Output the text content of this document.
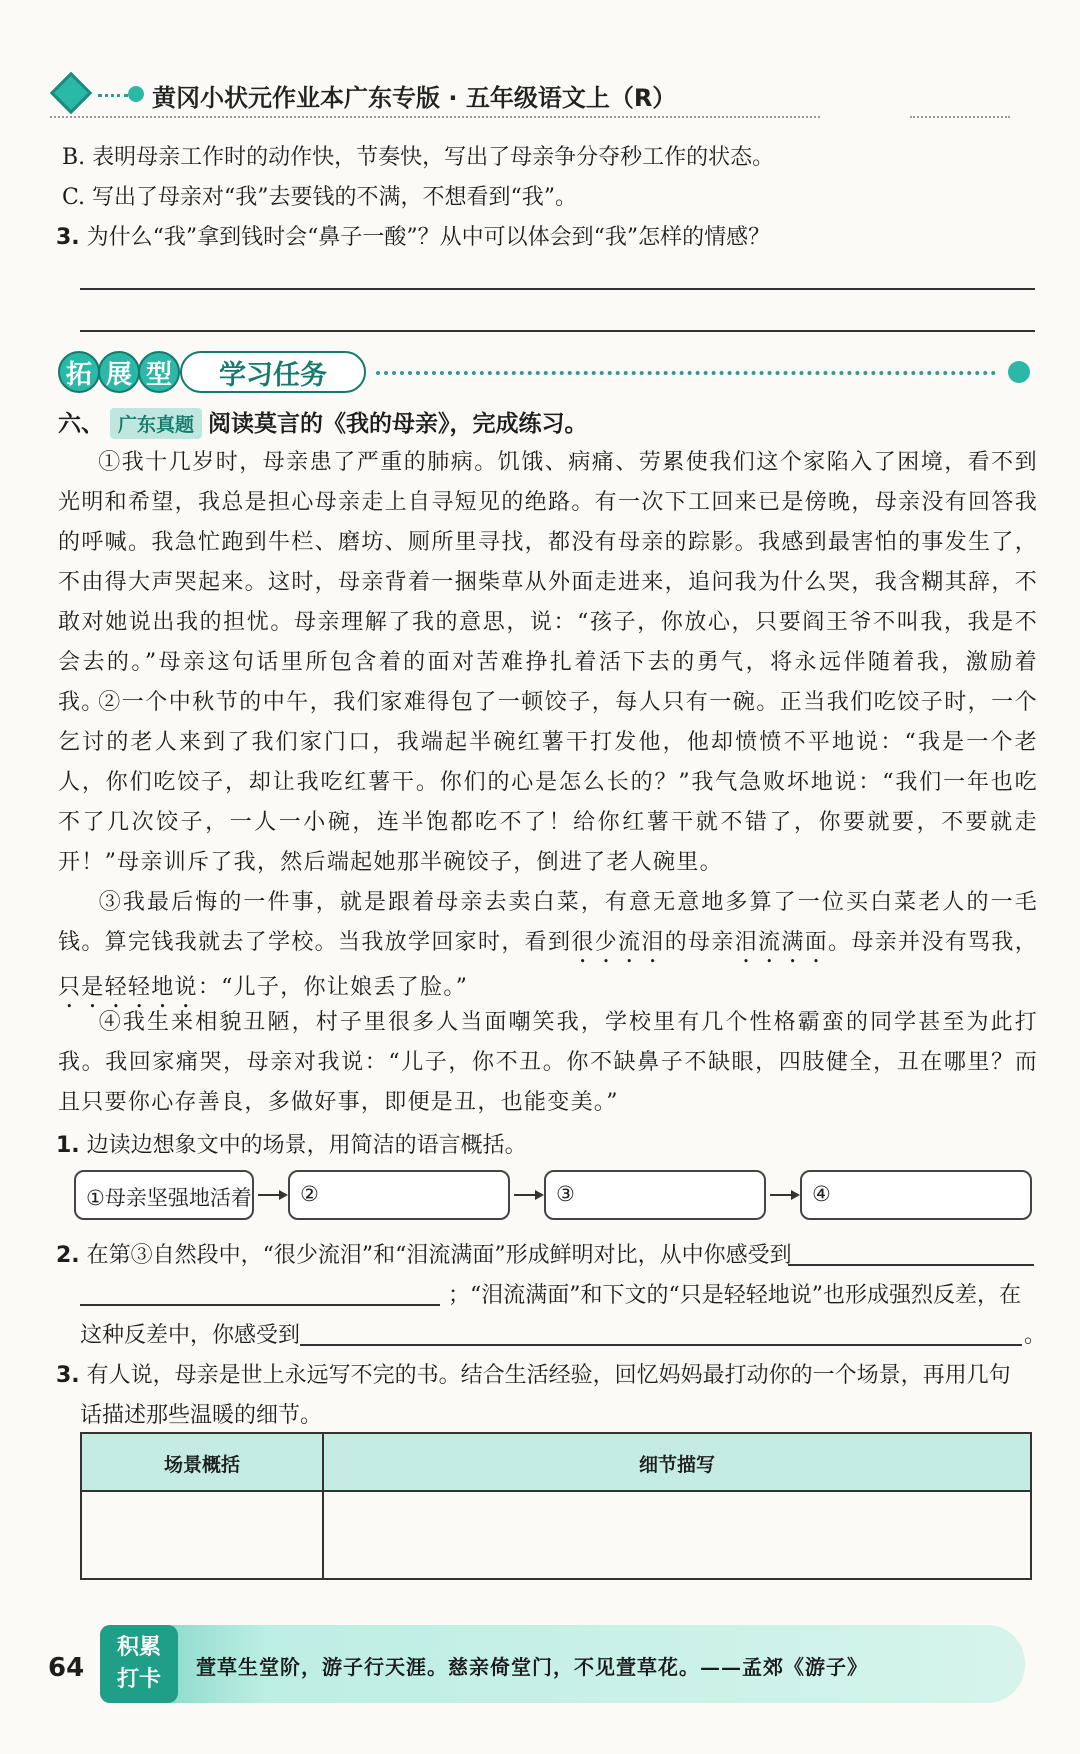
黄冈小状元作业本广东专版 · 五年级语文上（R）
B. 表明母亲工作时的动作快，节奏快，写出了母亲争分夺秒工作的状态。
C. 写出了母亲对“我”去要钱的不满，不想看到“我”。
3. 为什么“我”拿到钱时会“鼻子一酸”？从中可以体会到“我”怎样的情感？
拓 展 型	学习任务
六、 广东真题 阅读莫言的《我的母亲》，完成练习。
①我十几岁时，母亲患了严重的肺病。饥饿、病痛、劳累使我们这个家陷入了困境，看不到光明和希望，我总是担心母亲走上自寻短见的绝路。有一次下工回来已是傍晚，母亲没有回答我的呼喊。我急忙跑到牛栏、磨坊、厕所里寻找，都没有母亲的踪影。我感到最害怕的事发生了，不由得大声哭起来。这时，母亲背着一捆柴草从外面走进来，追问我为什么哭，我含糊其辞，不敢对她说出我的担忧。母亲理解了我的意思，说：“孩子，你放心，只要阎王爷不叫我，我是不会去的。”母亲这句话里所包含着的面对苦难挣扎着活下去的勇气，将永远伴随着我，激励着我。
②一个中秋节的中午，我们家难得包了一顿饺子，每人只有一碗。正当我们吃饺子时，一个乞讨的老人来到了我们家门口，我端起半碗红薯干打发他，他却愤愤不平地说：“我是一个老人，你们吃饺子，却让我吃红薯干。你们的心是怎么长的？”我气急败坏地说：“我们一年也吃不了几次饺子，一人一小碗，连半饱都吃不了！给你红薯干就不错了，你要就要，不要就走开！”母亲训斥了我，然后端起她那半碗饺子，倒进了老人碗里。
③我最后悔的一件事，就是跟着母亲去卖白菜，有意无意地多算了一位买白菜老人的一毛钱。算完钱我就去了学校。当我放学回家时，看到很少流泪的母亲泪流满面。母亲并没有骂我，只是轻轻地说：“儿子，你让娘丢了脸。”
④我生来相貌丑陋，村子里很多人当面嘲笑我，学校里有几个性格霸蛮的同学甚至为此打我。我回家痛哭，母亲对我说：“儿子，你不丑。你不缺鼻子不缺眼，四肢健全，丑在哪里？而且只要你心存善良，多做好事，即便是丑，也能变美。”
1. 边读边想象文中的场景，用简洁的语言概括。
①母亲坚强地活着	②	③	④
2. 在第③自然段中，“很少流泪”和“泪流满面”形成鲜明对比，从中你感受到
；“泪流满面”和下文的“只是轻轻地说”也形成强烈反差，在
这种反差中，你感受到	。
3. 有人说，母亲是世上永远写不完的书。结合生活经验，回忆妈妈最打动你的一个场景，再用几句
话描述那些温暖的细节。
场景概括	细节描写
64
积累
打卡	萱草生堂阶，游子行天涯。慈亲倚堂门，不见萱草花。——孟郊《游子》
